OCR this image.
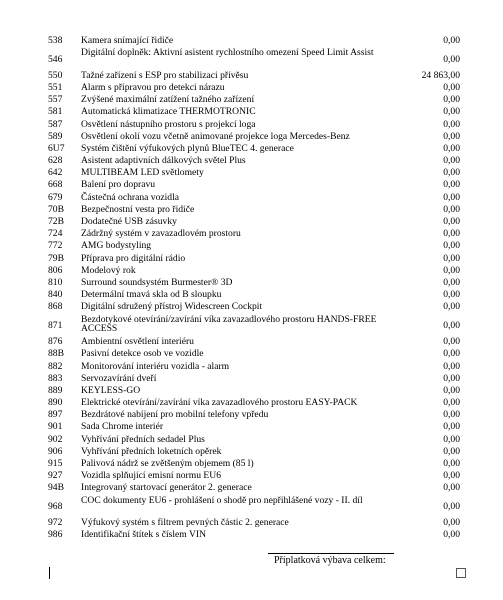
538	Kamera snímající řidiče	0,00
546	Digitální doplněk: Aktivní asistent rychlostního omezení Speed Limit Assist	0,00
550	Tažné zařízení s ESP pro stabilizaci přívěsu	24 863,00
551	Alarm s přípravou pro detekci nárazu	0,00
557	Zvýšené maximální zatížení tažného zařízení	0,00
581	Automatická klimatizace THERMOTRONIC	0,00
587	Osvětlení nástupního prostoru s projekcí loga	0,00
589	Osvětlení okolí vozu včetně animované projekce loga Mercedes-Benz	0,00
6U7	Systém čištění výfukových plynů BlueTEC 4. generace	0,00
628	Asistent adaptivních dálkových světel Plus	0,00
642	MULTIBEAM LED světlomety	0,00
668	Balení pro dopravu	0,00
679	Částečná ochrana vozidla	0,00
70B	Bezpečnostní vesta pro řidiče	0,00
72B	Dodatečné USB zásuvky	0,00
724	Zádržný systém v zavazadlovém prostoru	0,00
772	AMG bodystyling	0,00
79B	Příprava pro digitální rádio	0,00
806	Modelový rok	0,00
810	Surround soundsystém Burmester® 3D	0,00
840	Determální tmavá skla od B sloupku	0,00
868	Digitální sdružený přístroj Widescreen Cockpit	0,00
871	Bezdotykové otevírání/zavírání víka zavazadlového prostoru HANDS-FREE ACCESS	0,00
876	Ambientní osvětlení interiéru	0,00
88B	Pasivní detekce osob ve vozidle	0,00
882	Monitorování interiéru vozidla - alarm	0,00
883	Servozavírání dveří	0,00
889	KEYLESS-GO	0,00
890	Elektrické otevírání/zavírání víka zavazadlového prostoru EASY-PACK	0,00
897	Bezdrátové nabíjení pro mobilní telefony vpředu	0,00
901	Sada Chrome interiér	0,00
902	Vyhřívání předních sedadel Plus	0,00
906	Vyhřívání předních loketních opěrek	0,00
915	Palivová nádrž se zvětšeným objemem (85 l)	0,00
927	Vozidla splňující emisní normu EU6	0,00
94B	Integrovaný startovací generátor 2. generace	0,00
968	COC dokumenty EU6 - prohlášení o shodě pro nepřihlášené vozy - II. díl	0,00
972	Výfukový systém s filtrem pevných částic 2. generace	0,00
986	Identifikační štítek s číslem VIN	0,00
Příplatková výbava celkem:
